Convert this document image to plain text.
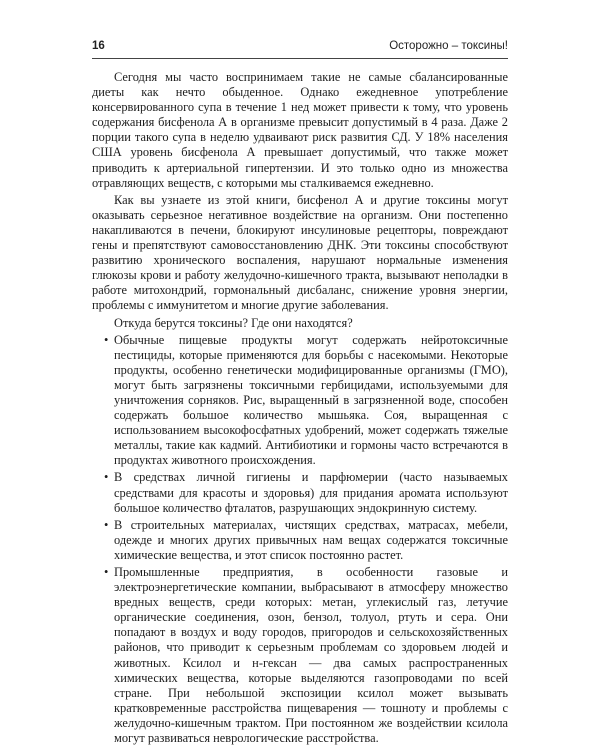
16	Осторожно – токсины!

Сегодня мы часто воспринимаем такие не самые сбалансированные диеты как нечто обыденное. Однако ежедневное употребление консервированного супа в течение 1 нед может привести к тому, что уровень содержания бисфенола А в организме превысит допустимый в 4 раза. Даже 2 порции такого супа в неделю удваивают риск развития СД. У 18% населения США уровень бисфенола А превышает допустимый, что также может приводить к артериальной гипертензии. И это только одно из множества отравляющих веществ, с которыми мы сталкиваемся ежедневно.

Как вы узнаете из этой книги, бисфенол А и другие токсины могут оказывать серьезное негативное воздействие на организм. Они постепенно накапливаются в печени, блокируют инсулиновые рецепторы, повреждают гены и препятствуют самовосстановлению ДНК. Эти токсины способствуют развитию хронического воспаления, нарушают нормальные изменения глюкозы крови и работу желудочно-кишечного тракта, вызывают неполадки в работе митохондрий, гормональный дисбаланс, снижение уровня энергии, проблемы с иммунитетом и многие другие заболевания.

Откуда берутся токсины? Где они находятся?

• Обычные пищевые продукты могут содержать нейротоксичные пестициды, которые применяются для борьбы с насекомыми. Некоторые продукты, особенно генетически модифицированные организмы (ГМО), могут быть загрязнены токсичными гербицидами, используемыми для уничтожения сорняков. Рис, выращенный в загрязненной воде, способен содержать большое количество мышьяка. Соя, выращенная с использованием высокофосфатных удобрений, может содержать тяжелые металлы, такие как кадмий. Антибиотики и гормоны часто встречаются в продуктах животного происхождения.
• В средствах личной гигиены и парфюмерии (часто называемых средствами для красоты и здоровья) для придания аромата используют большое количество фталатов, разрушающих эндокринную систему.
• В строительных материалах, чистящих средствах, матрасах, мебели, одежде и многих других привычных нам вещах содержатся токсичные химические вещества, и этот список постоянно растет.
• Промышленные предприятия, в особенности газовые и электроэнергетические компании, выбрасывают в атмосферу множество вредных веществ, среди которых: метан, углекислый газ, летучие органические соединения, озон, бензол, толуол, ртуть и сера. Они попадают в воздух и воду городов, пригородов и сельскохозяйственных районов, что приводит к серьезным проблемам со здоровьем людей и животных. Ксилол и н-гексан — два самых распространенных химических вещества, которые выделяются газопроводами по всей стране. При небольшой экспозиции ксилол может вызывать кратковременные расстройства пищеварения — тошноту и проблемы с желудочно-кишечным трактом. При постоянном же воздействии ксилола могут развиваться неврологические расстройства.
